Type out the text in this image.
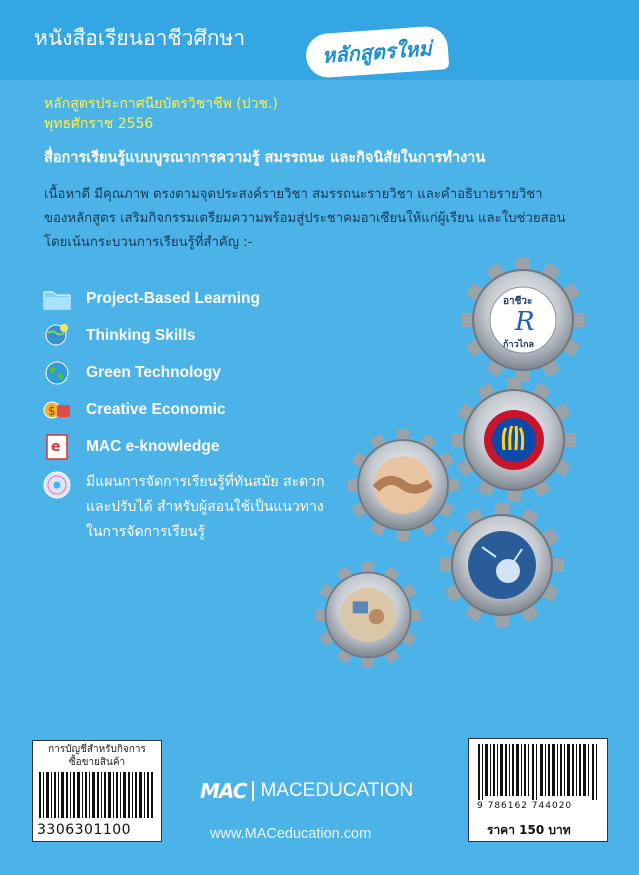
หนังสือเรียนอาชีวศึกษา	หลักสูตรใหม่
หลักสูตรประกาศนียบัตรวิชาชีพ (ปวช.)
พุทธศักราช 2556
สื่อการเรียนรู้แบบบูรณาการความรู้ สมรรถนะ และกิจนิสัยในการทำงาน
เนื้อหาดี มีคุณภาพ ตรงตามจุดประสงค์รายวิชา สมรรถนะรายวิชา และคำอธิบายรายวิชา
ของหลักสูตร เสริมกิจกรรมเตรียมความพร้อมสู่ประชาคมอาเซียนให้แก่ผู้เรียน และใบช่วยสอน
โดยเน้นกระบวนการเรียนรู้ที่สำคัญ :-
Project-Based Learning
Thinking Skills
Green Technology
$ Creative Economic
e MAC e-knowledge
มีแผนการจัดการเรียนรู้ที่ทันสมัย สะดวก
และปรับได้ สำหรับผู้สอนใช้เป็นแนวทาง
ในการจัดการเรียนรู้
อาชีวะ
R
ก้าวไกล
การบัญชีสำหรับกิจการ
ซื้อขายสินค้า
3306301100
MAC MACEDUCATION
www.MACeducation.com
9 786162 744020
ราคา 150 บาท
